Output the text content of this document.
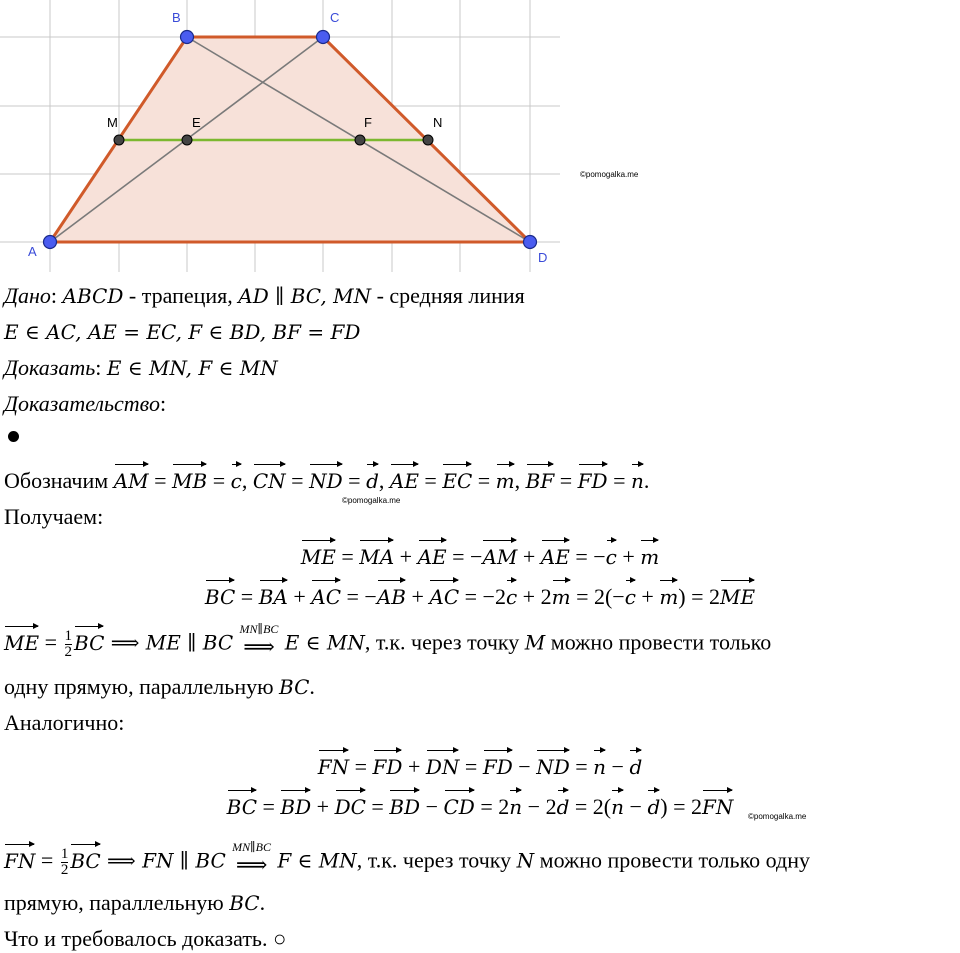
A
B	C
D
M	E	F	N
©pomogalka.me
Дано: ABCD - трапеция, AD ∥ BC, MN - средняя линия
E ∈ AC, AE = EC, F ∈ BD, BF = FD
Доказать: E ∈ MN, F ∈ MN
Доказательство:
Обозначим AM = MB = c, CN = ND = d, AE = EC = m, BF = FD = n.
©pomogalka.me
Получаем:
ME = MA + AE = −AM + AE = −c + m
BC = BA + AC = −AB + AC = −2c + 2m = 2(−c + m) = 2ME
ME = $\frac{1}{2}$ BC ⟹ ME ∥ BC
MN∥BC
⟹ E ∈ MN, т.к. через точку M можно провести только
одну прямую, параллельную BC.
Аналогично:
FN = FD + DN = FD − ND = n − d
BC = BD + DC = BD − CD = 2n − 2d = 2(n − d) = 2FN	©pomogalka.me
FN = $\frac{1}{2}$ BC ⟹ FN ∥ BC
MN∥BC
⟹ F ∈ MN, т.к. через точку N можно провести только одну
прямую, параллельную BC.
Что и требовалось доказать. ○
